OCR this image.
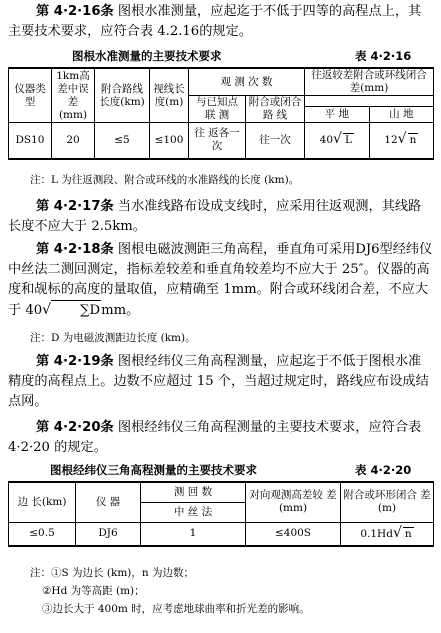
第 4·2·16条 图根水准测量，应起迄于不低于四等的高程点上，其主要技术要求，应符合表 4.2.16的规定。

图根水准测量的主要技术要求	表 4·2·16
仪器类型	1km高差中误差(mm)	附合路线长度(km)	视线长度(m)	观 测 次 数		往返较差附合或环线闭合差(mm)	
				与已知点联 测	附合或闭合 路 线		
						平 地	山 地
DS10	20	≤5	≤100	往 返各一次	往一次	40√ L	12√ n
注：L 为往返测段、附合或环线的水准路线的长度 (km)。

第 4·2·17条 当水准线路布设成支线时，应采用往返观测，其线路长度不应大于 2.5km。

第 4·2·18条 图根电磁波测距三角高程，垂直角可采用DJ6型经纬仪中丝法二测回测定，指标差较差和垂直角较差均不应大于 25″。仪器的高度和觇标的高度的量取值，应精确至 1mm。附合或环线闭合差，不应大于 40√ ∑Dmm。

注：D 为电磁波测距边长度 (km)。

第 4·2·19条 图根经纬仪三角高程测量，应起迄于不低于图根水准精度的高程点上。边数不应超过 15 个，当超过规定时，路线应布设成结点网。

第 4·2·20条 图根经纬仪三角高程测量的主要技术要求，应符合表 4·2·20 的规定。

图根经纬仪三角高程测量的主要技术要求	表 4·2·20
边 长(km)	仪 器	测 回 数	对向观测高差较 差(mm)	附合或环形闭合 差(m)
		中 丝 法		
≤0.5	DJ6	1	≤400S	0.1Hd√ n
注：①S 为边长 (km)，n 为边数；
②Hd 为等高距 (m)；
③边长大于 400m 时，应考虑地球曲率和折光差的影响。
